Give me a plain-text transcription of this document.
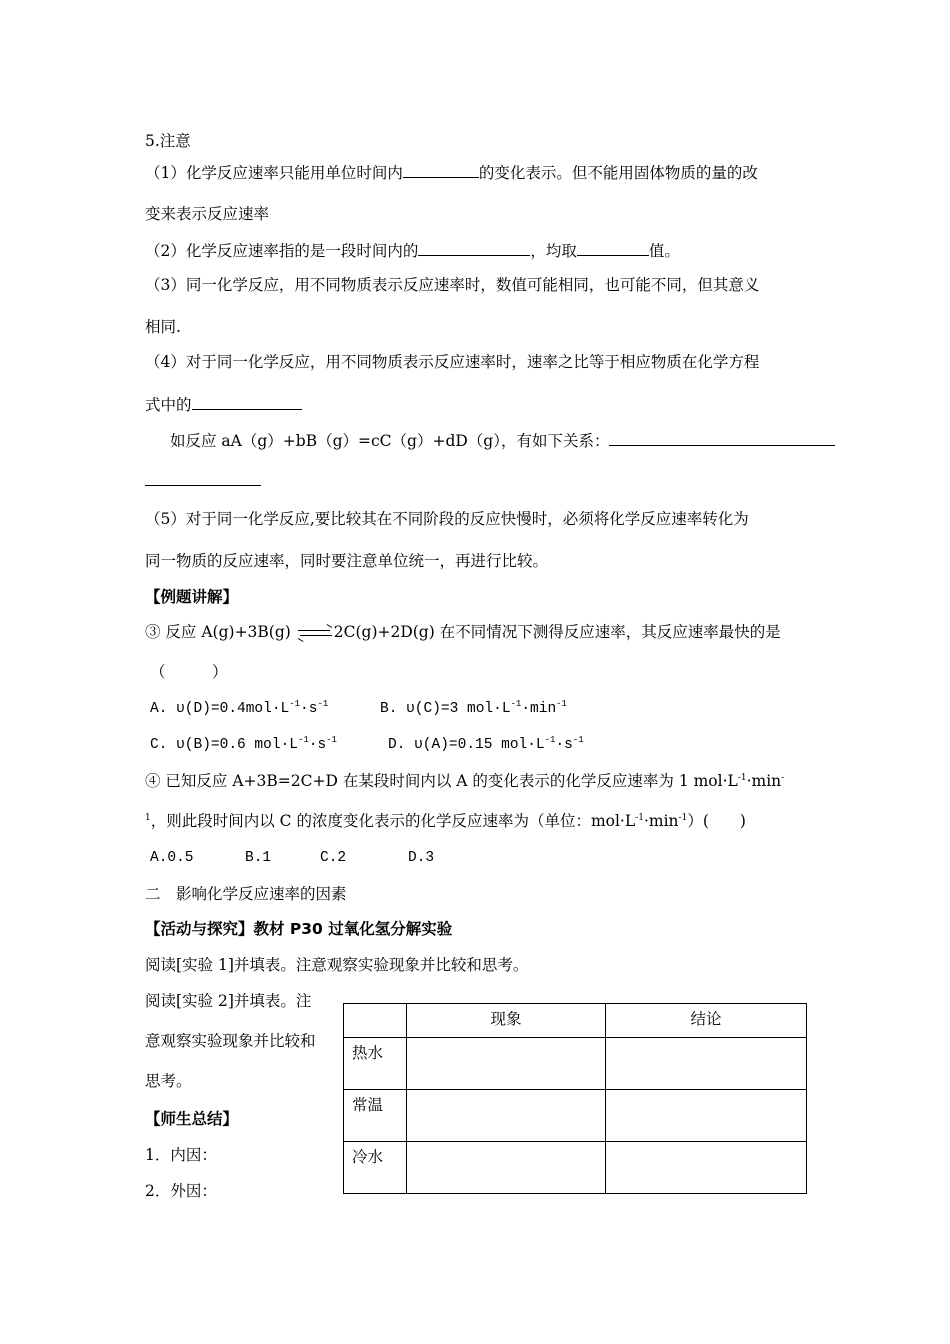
5.注意
（1）化学反应速率只能用单位时间内	的变化表示。但不能用固体物质的量的改
变来表示反应速率
（2）化学反应速率指的是一段时间内的	，均取	值。
（3）同一化学反应，用不同物质表示反应速率时，数值可能相同，也可能不同，但其意义
相同.
（4）对于同一化学反应，用不同物质表示反应速率时，速率之比等于相应物质在化学方程
式中的
如反应 aA（g）+bB（g）=cC（g）+dD（g），有如下关系：
（5）对于同一化学反应,要比较其在不同阶段的反应快慢时，必须将化学反应速率转化为
同一物质的反应速率，同时要注意单位统一，再进行比较。
【例题讲解】
③ 反应 A(g)+3B(g)
2C(g)+2D(g) 在不同情况下测得反应速率，其反应速率最快的是
（　　　）
A. $\upsilon(D)=0.4mol\cdot L^{-1}\cdot s^{-1}$	B. υ(C)=3 $mol\cdot L^{-1}\cdot\min^{-1}$
C. υ(B)=0.6 $mol\cdot L^{-1}\cdot s^{-1}$	D. υ(A)=0.15 $mol\cdot L^{-1}\cdot s^{-1}$
④ 已知反应 A+3B=2C+D 在某段时间内以 A 的变化表示的化学反应速率为 1 $mol\cdot L^{-1}\cdot\min^-$
$^1$，则此段时间内以 C 的浓度变化表示的化学反应速率为（单位：$mol\cdot L^{-1}\cdot\min^{-1}$）(　　)
A.0.5	B.1	C.2	D.3
二　影响化学反应速率的因素
【活动与探究】教材 P30 过氧化氢分解实验
阅读[实验 1]并填表。注意观察实验现象并比较和思考。
阅读[实验 2]并填表。注
意观察实验现象并比较和
思考。
【师生总结】
1．内因：
2．外因：
	现象	结论
热水		
常温		
冷水		
